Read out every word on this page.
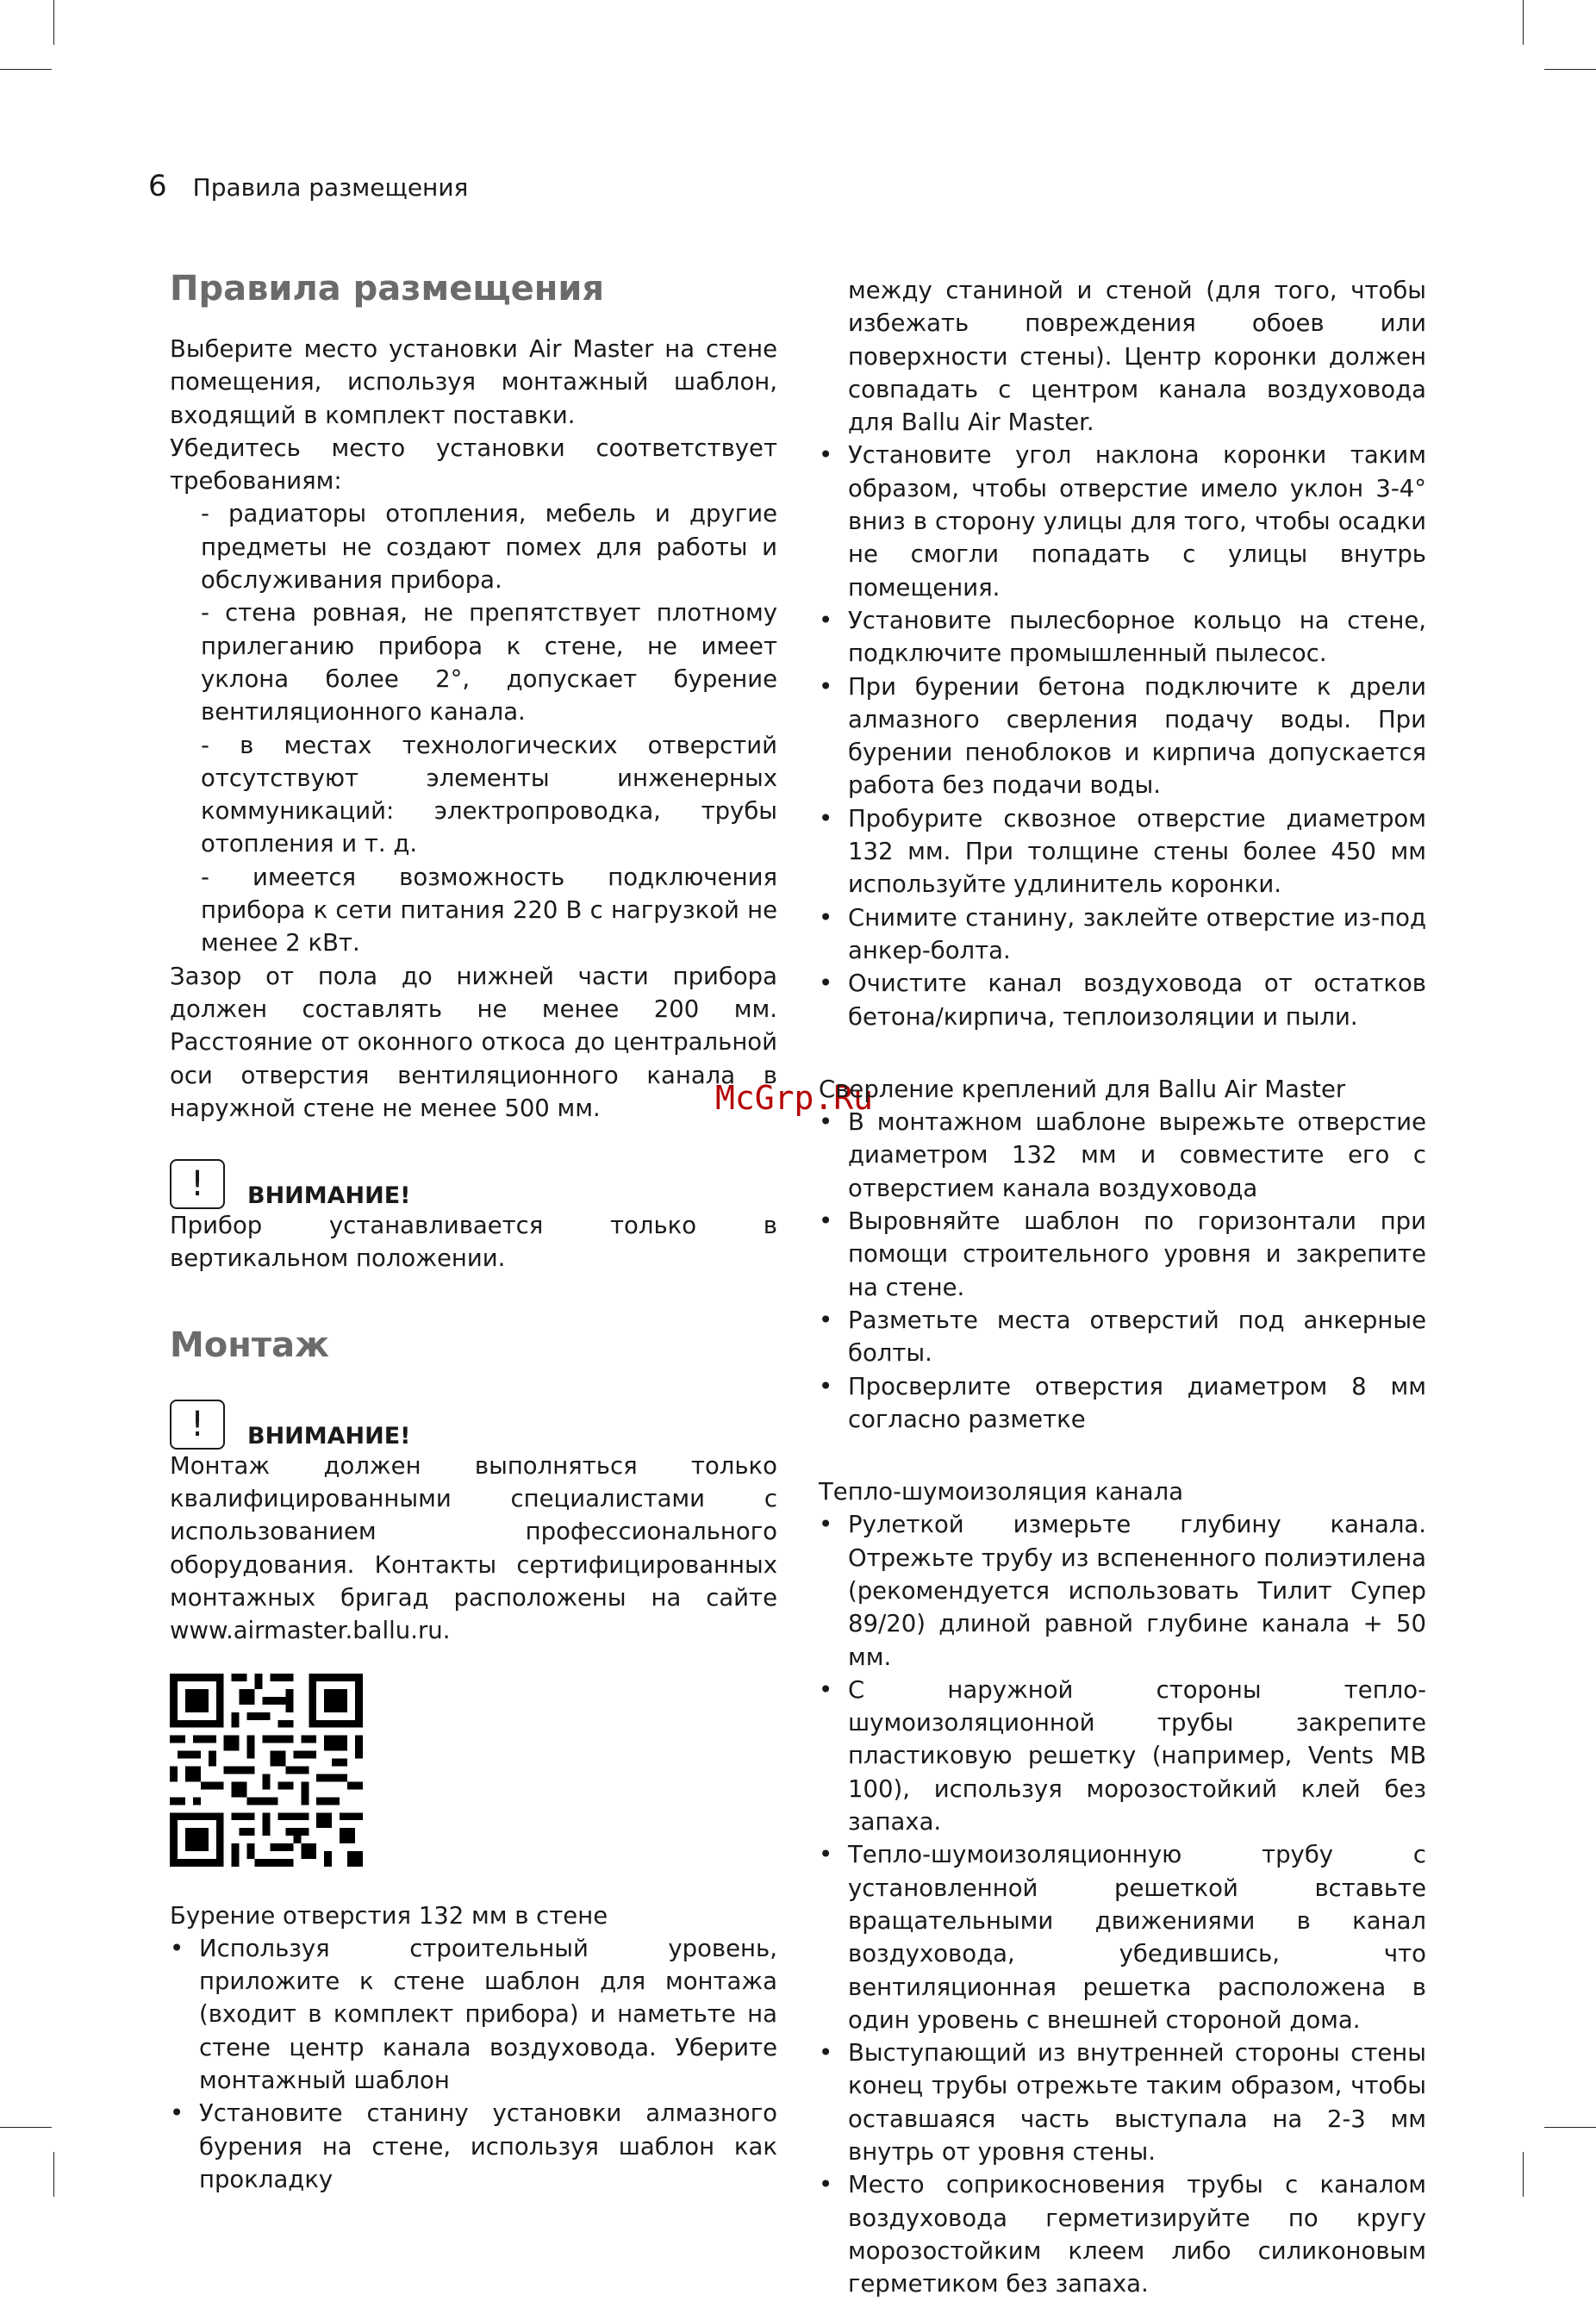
6 Правила размещения
McGrp.Ru
Правила размещения

Выберите место установки Air Master на стене помещения, используя монтажный шаблон, входящий в комплект поставки.

Убедитесь место установки соответствует требованиям:

- радиаторы отопления, мебель и другие предметы не создают помех для работы и обслуживания прибора.

- стена ровная, не препятствует плотному прилеганию прибора к стене, не имеет уклона более 2°, допускает бурение вентиляционного канала.

- в местах технологических отверстий отсутствуют элементы инженерных коммуникаций: электропроводка, трубы отопления и т. д.

- имеется возможность подключения прибора к сети питания 220 В с нагрузкой не менее 2 кВт.

Зазор от пола до нижней части прибора должен составлять не менее 200 мм. Расстояние от оконного откоса до центральной оси отверстия вентиляционного канала в наружной стене не менее 500 мм.

!	ВНИМАНИЕ!

Прибор устанавливается только в вертикальном положении.

Монтаж
!	ВНИМАНИЕ!

Монтаж должен выполняться только квалифицированными специалистами с использованием профессионального оборудования. Контакты сертифицированных монтажных бригад расположены на сайте www.airmaster.ballu.ru.

Бурение отверстия 132 мм в стене

• Используя строительный уровень, приложите к стене шаблон для монтажа (входит в комплект прибора) и наметьте на стене центр канала воздуховода. Уберите монтажный шаблон
• Установите станину установки алмазного бурения на стене, используя шаблон как прокладку

между станиной и стеной (для того, чтобы избежать повреждения обоев или поверхности стены). Центр коронки должен совпадать с центром канала воздуховода для Ballu Air Master.

• Установите угол наклона коронки таким образом, чтобы отверстие имело уклон 3-4° вниз в сторону улицы для того, чтобы осадки не смогли попадать с улицы внутрь помещения.
• Установите пылесборное кольцо на стене, подключите промышленный пылесос.
• При бурении бетона подключите к дрели алмазного сверления подачу воды. При бурении пеноблоков и кирпича допускается работа без подачи воды.
• Пробурите сквозное отверстие диаметром 132 мм. При толщине стены более 450 мм используйте удлинитель коронки.
• Снимите станину, заклейте отверстие из-под анкер-болта.
• Очистите канал воздуховода от остатков бетона/кирпича, теплоизоляции и пыли.

Сверление креплений для Ballu Air Master

• В монтажном шаблоне вырежьте отверстие диаметром 132 мм и совместите его с отверстием канала воздуховода
• Выровняйте шаблон по горизонтали при помощи строительного уровня и закрепите на стене.
• Разметьте места отверстий под анкерные болты.
• Просверлите отверстия диаметром 8 мм согласно разметке

Тепло-шумоизоляция канала

• Рулеткой измерьте глубину канала. Отрежьте трубу из вспененного полиэтилена (рекомендуется использовать Тилит Супер 89/20) длиной равной глубине канала + 50 мм.
• С наружной стороны тепло-шумоизоляционной трубы закрепите пластиковую решетку (например, Vents MB 100), используя морозостойкий клей без запаха.
• Тепло-шумоизоляционную трубу с установленной решеткой вставьте вращательными движениями в канал воздуховода, убедившись, что вентиляционная решетка расположена в один уровень с внешней стороной дома.
• Выступающий из внутренней стороны стены конец трубы отрежьте таким образом, чтобы оставшаяся часть выступала на 2-3 мм внутрь от уровня стены.
• Место соприкосновения трубы с каналом воздуховода герметизируйте по кругу морозостойким клеем либо силиконовым герметиком без запаха.
